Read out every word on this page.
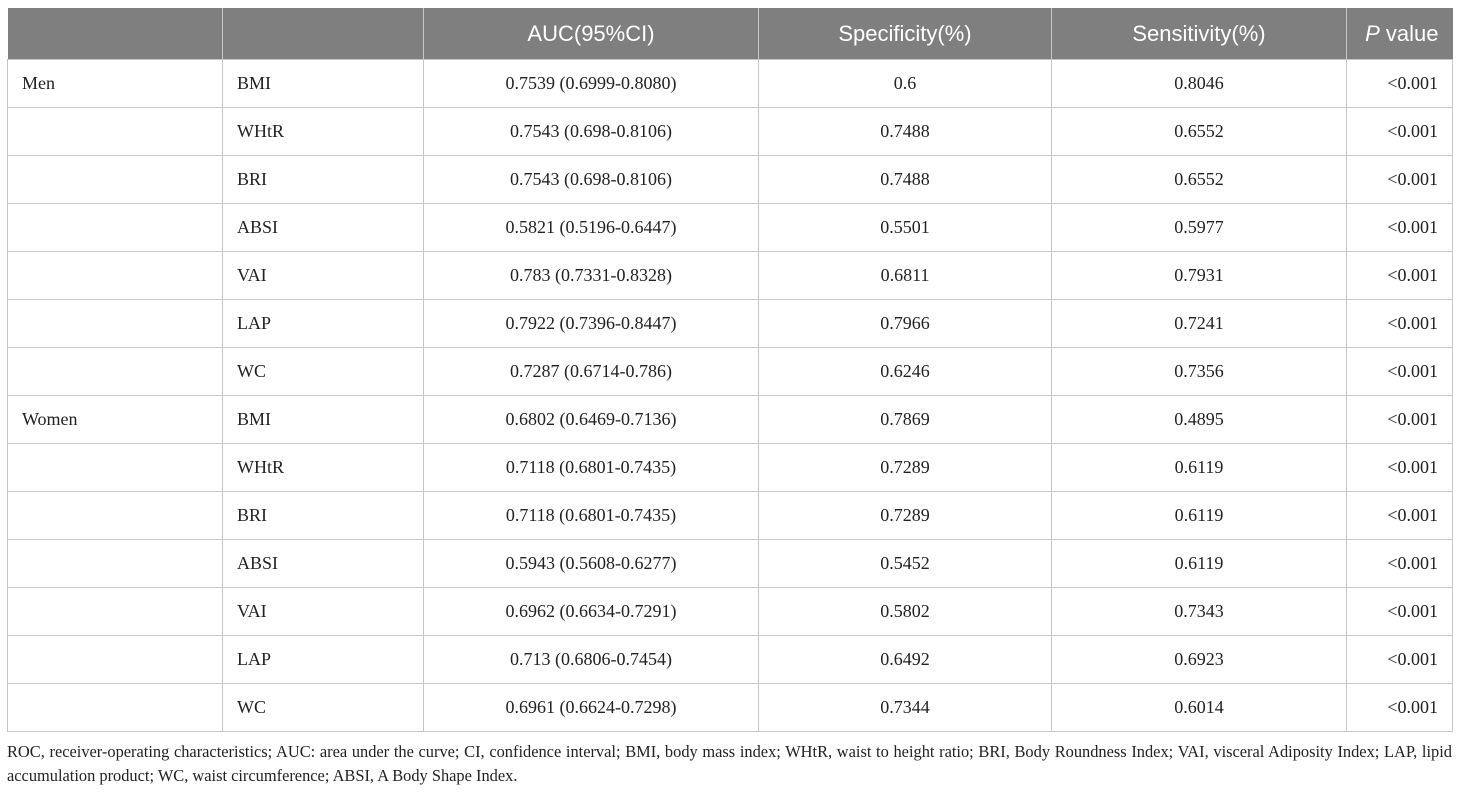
		AUC(95%CI)	Specificity(%)	Sensitivity(%)	P value
Men	BMI	0.7539 (0.6999-0.8080)	0.6	0.8046	<0.001
	WHtR	0.7543 (0.698-0.8106)	0.7488	0.6552	<0.001
	BRI	0.7543 (0.698-0.8106)	0.7488	0.6552	<0.001
	ABSI	0.5821 (0.5196-0.6447)	0.5501	0.5977	<0.001
	VAI	0.783 (0.7331-0.8328)	0.6811	0.7931	<0.001
	LAP	0.7922 (0.7396-0.8447)	0.7966	0.7241	<0.001
	WC	0.7287 (0.6714-0.786)	0.6246	0.7356	<0.001
Women	BMI	0.6802 (0.6469-0.7136)	0.7869	0.4895	<0.001
	WHtR	0.7118 (0.6801-0.7435)	0.7289	0.6119	<0.001
	BRI	0.7118 (0.6801-0.7435)	0.7289	0.6119	<0.001
	ABSI	0.5943 (0.5608-0.6277)	0.5452	0.6119	<0.001
	VAI	0.6962 (0.6634-0.7291)	0.5802	0.7343	<0.001
	LAP	0.713 (0.6806-0.7454)	0.6492	0.6923	<0.001
	WC	0.6961 (0.6624-0.7298)	0.7344	0.6014	<0.001
ROC, receiver-operating characteristics; AUC: area under the curve; CI, confidence interval; BMI, body mass index; WHtR, waist to height ratio; BRI, Body Roundness Index; VAI, visceral Adiposity Index; LAP, lipid accumulation product; WC, waist circumference; ABSI, A Body Shape Index.
